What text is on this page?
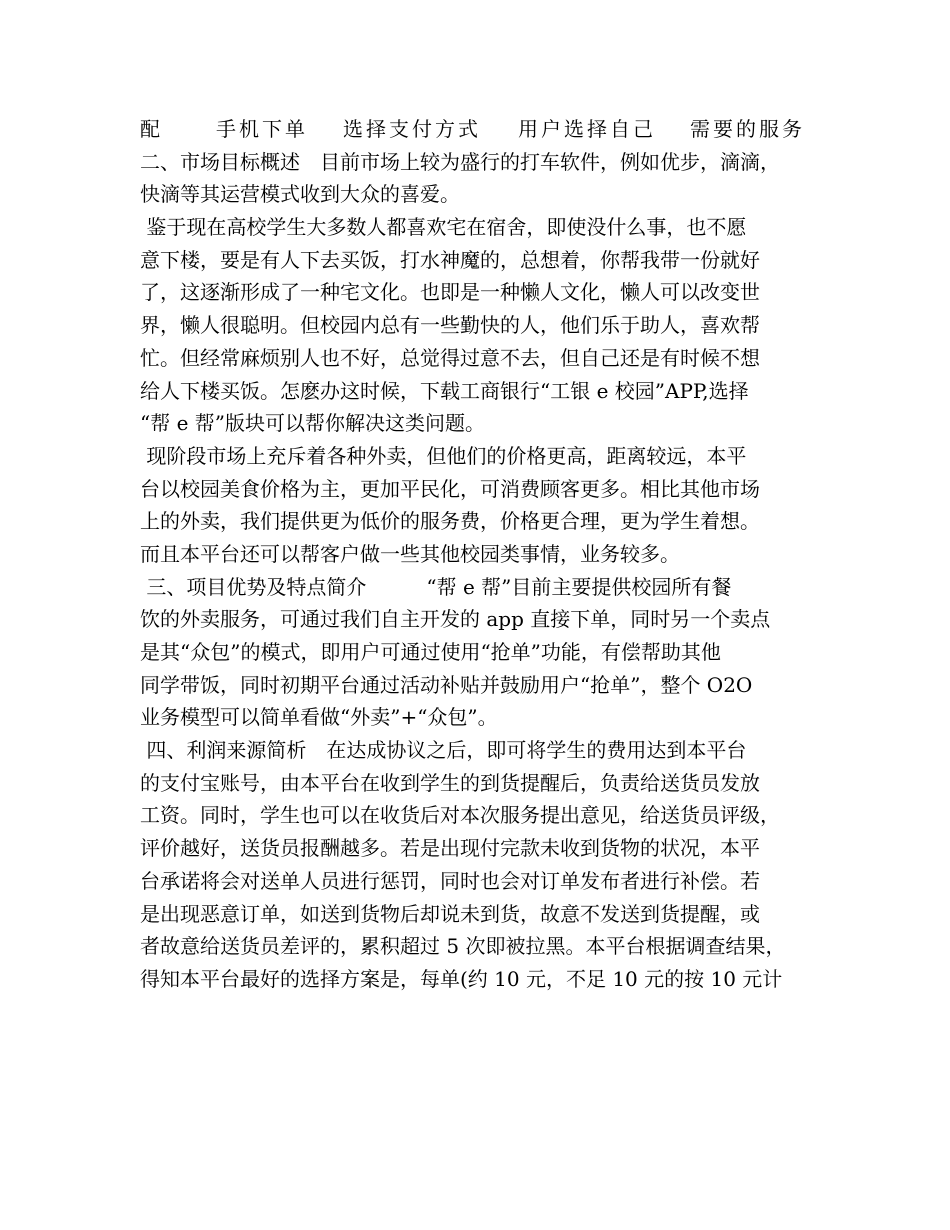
配	手机下单 选择支付方式 用户选择自己 需要的服务
二、市场目标概述　目前市场上较为盛行的打车软件，例如优步，滴滴，
快滴等其运营模式收到大众的喜爱。
鉴于现在高校学生大多数人都喜欢宅在宿舍，即使没什么事，也不愿
意下楼，要是有人下去买饭，打水神魔的，总想着，你帮我带一份就好
了，这逐渐形成了一种宅文化。也即是一种懒人文化，懒人可以改变世
界，懒人很聪明。但校园内总有一些勤快的人，他们乐于助人，喜欢帮
忙。但经常麻烦别人也不好，总觉得过意不去，但自己还是有时候不想
给人下楼买饭。怎麽办这时候，下载工商银行“工银 e 校园”APP,选择
“帮 e 帮”版块可以帮你解决这类问题。
现阶段市场上充斥着各种外卖，但他们的价格更高，距离较远，本平
台以校园美食价格为主，更加平民化，可消费顾客更多。相比其他市场
上的外卖，我们提供更为低价的服务费，价格更合理，更为学生着想。
而且本平台还可以帮客户做一些其他校园类事情，业务较多。
三、项目优势及特点简介　　　“帮 e 帮”目前主要提供校园所有餐
饮的外卖服务，可通过我们自主开发的 app 直接下单，同时另一个卖点
是其“众包”的模式，即用户可通过使用“抢单”功能，有偿帮助其他
同学带饭，同时初期平台通过活动补贴并鼓励用户“抢单”，整个 O2O
业务模型可以简单看做“外卖”+“众包”。
四、利润来源简析　在达成协议之后，即可将学生的费用达到本平台
的支付宝账号，由本平台在收到学生的到货提醒后，负责给送货员发放
工资。同时，学生也可以在收货后对本次服务提出意见，给送货员评级，
评价越好，送货员报酬越多。若是出现付完款未收到货物的状况，本平
台承诺将会对送单人员进行惩罚，同时也会对订单发布者进行补偿。若
是出现恶意订单，如送到货物后却说未到货，故意不发送到货提醒，或
者故意给送货员差评的，累积超过 5 次即被拉黑。本平台根据调查结果，
得知本平台最好的选择方案是，每单(约 10 元，不足 10 元的按 10 元计
